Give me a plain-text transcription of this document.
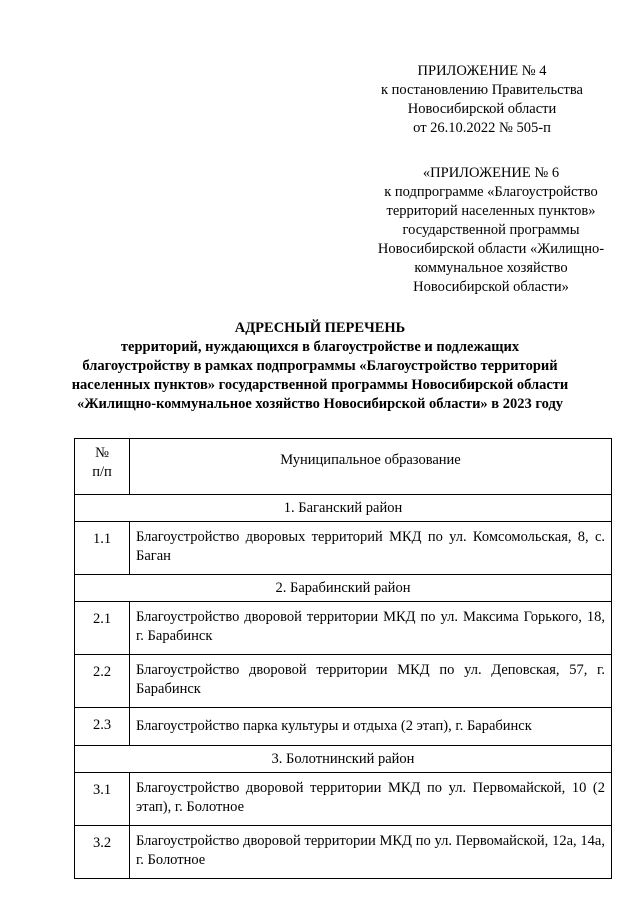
ПРИЛОЖЕНИЕ № 4
к постановлению Правительства
Новосибирской области
от 26.10.2022 № 505-п
«ПРИЛОЖЕНИЕ № 6
к подпрограмме «Благоустройство
территорий населенных пунктов»
государственной программы
Новосибирской области «Жилищно-
коммунальное хозяйство
Новосибирской области»
АДРЕСНЫЙ ПЕРЕЧЕНЬ
территорий, нуждающихся в благоустройстве и подлежащих
благоустройству в рамках подпрограммы «Благоустройство территорий
населенных пунктов» государственной программы Новосибирской области
«Жилищно-коммунальное хозяйство Новосибирской области» в 2023 году
№
п/п	Муниципальное образование
1. Баганский район	
1.1	Благоустройство дворовых территорий МКД по ул. Комсомольская, 8, с. Баган
2. Барабинский район	
2.1	Благоустройство дворовой территории МКД по ул. Максима Горького, 18, г. Барабинск
2.2	Благоустройство дворовой территории МКД по ул. Деповская, 57, г. Барабинск
2.3	Благоустройство парка культуры и отдыха (2 этап), г. Барабинск
3. Болотнинский район	
3.1	Благоустройство дворовой территории МКД по ул. Первомайской, 10 (2 этап), г. Болотное
3.2	Благоустройство дворовой территории МКД по ул. Первомайской, 12а, 14а, г. Болотное
